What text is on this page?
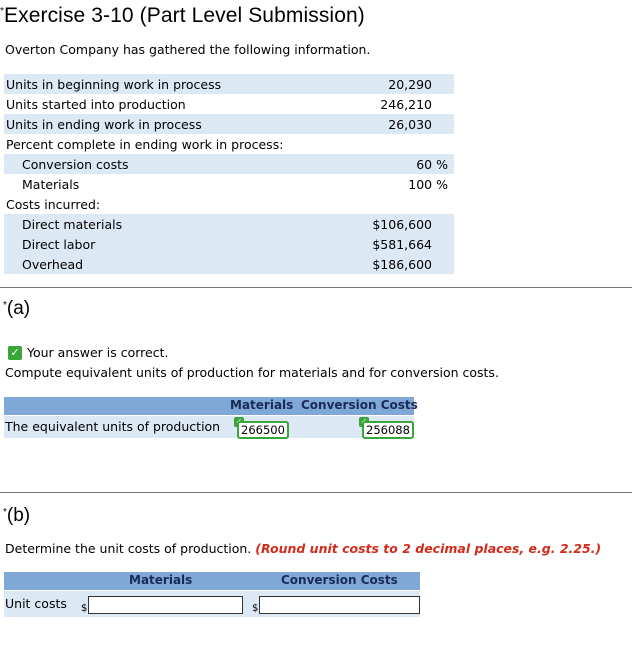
*Exercise 3-10 (Part Level Submission)
Overton Company has gathered the following information.
Units in beginning work in process	20,290
Units started into production	246,210
Units in ending work in process	26,030
Percent complete in ending work in process:
Conversion costs	60 %
Materials	100 %
Costs incurred:
Direct materials	$106,600
Direct labor	$581,664
Overhead	$186,600
*(a)
✓ Your answer is correct.
Compute equivalent units of production for materials and for conversion costs.
Materials Conversion Costs
The equivalent units of production	266500	256088
*(b)
Determine the unit costs of production. (Round unit costs to 2 decimal places, e.g. 2.25.)
Materials	Conversion Costs
Unit costs $	$
